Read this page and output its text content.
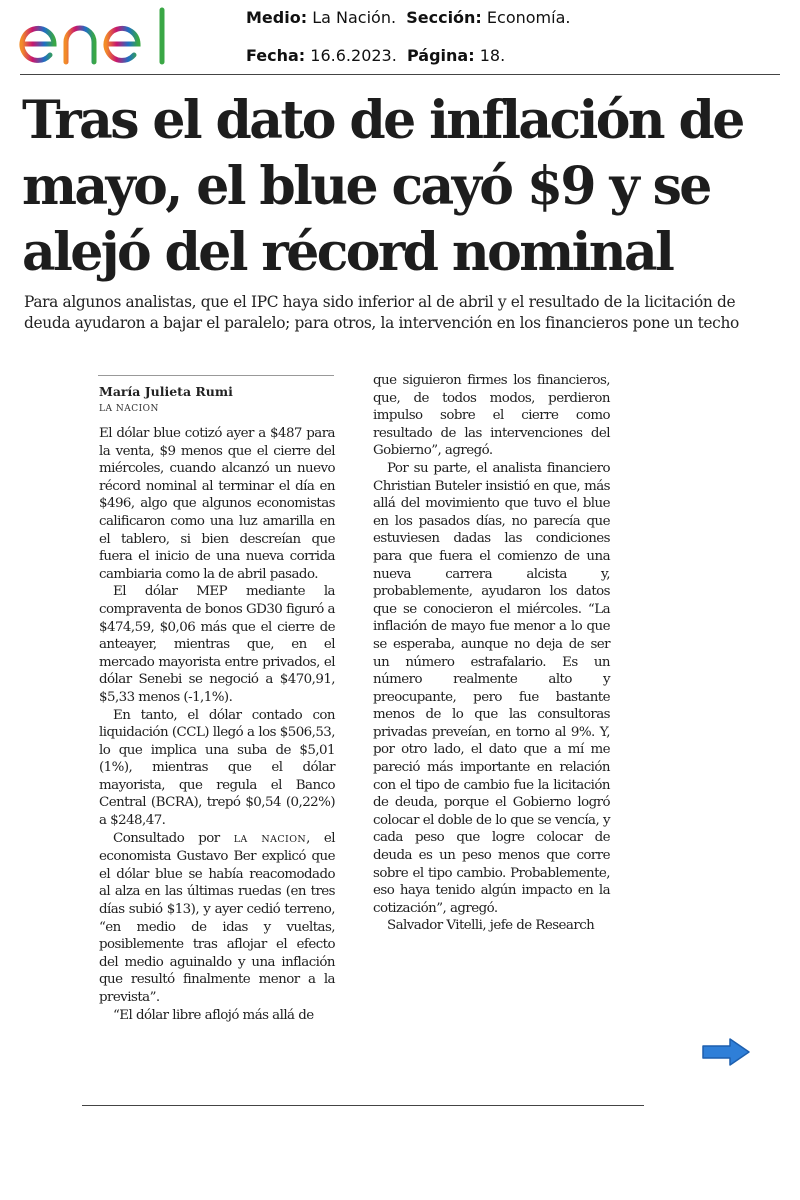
Medio: La Nación. Sección: Economía.
Fecha: 16.6.2023. Página: 18.
Tras el dato de inflación de
mayo, el blue cayó $9 y se
alejó del récord nominal

Para algunos analistas, que el IPC haya sido inferior al de abril y el resultado de la licitación de
deuda ayudaron a bajar el paralelo; para otros, la intervención en los financieros pone un techo

María Julieta Rumi
LA NACION

El dólar blue cotizó ayer a $487 para la venta, $9 menos que el cierre del miércoles, cuando alcanzó un nuevo récord nominal al terminar el día en $496, algo que algunos economistas calificaron como una luz amarilla en el tablero, si bien descreían que fuera el inicio de una nueva corrida cambiaria como la de abril pasado.

El dólar MEP mediante la compraventa de bonos GD30 figuró a $474,59, $0,06 más que el cierre de anteayer, mientras que, en el mercado mayorista entre privados, el dólar Senebi se negoció a $470,91, $5,33 menos (-1,1%).

En tanto, el dólar contado con liquidación (CCL) llegó a los $506,53, lo que implica una suba de $5,01 (1%), mientras que el dólar mayorista, que regula el Banco Central (BCRA), trepó $0,54 (0,22%) a $248,47.

Consultado por LA NACION, el economista Gustavo Ber explicó que el dólar blue se había reacomodado al alza en las últimas ruedas (en tres días subió $13), y ayer cedió terreno, “en medio de idas y vueltas, posiblemente tras aflojar el efecto del medio aguinaldo y una inflación que resultó finalmente menor a la prevista”.

“El dólar libre aflojó más allá de

que siguieron firmes los financieros, que, de todos modos, perdieron impulso sobre el cierre como resultado de las intervenciones del Gobierno”, agregó.

Por su parte, el analista financiero Christian Buteler insistió en que, más allá del movimiento que tuvo el blue en los pasados días, no parecía que estuviesen dadas las condiciones para que fuera el comienzo de una nueva carrera alcista y, probablemente, ayudaron los datos que se conocieron el miércoles. “La inflación de mayo fue menor a lo que se esperaba, aunque no deja de ser un número estrafalario. Es un número realmente alto y preocupante, pero fue bastante menos de lo que las consultoras privadas preveían, en torno al 9%. Y, por otro lado, el dato que a mí me pareció más importante en relación con el tipo de cambio fue la licitación de deuda, porque el Gobierno logró colocar el doble de lo que se vencía, y cada peso que logre colocar de deuda es un peso menos que corre sobre el tipo cambio. Probablemente, eso haya tenido algún impacto en la cotización”, agregó.

Salvador Vitelli, jefe de Research
